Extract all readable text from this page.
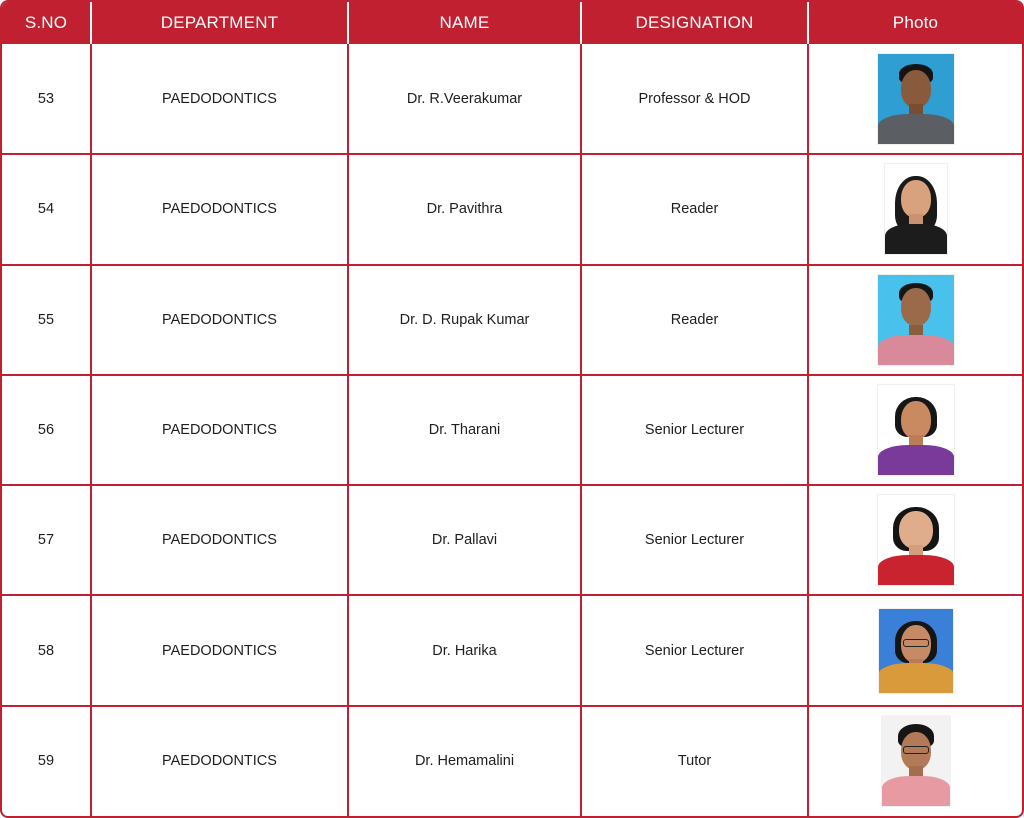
S.NO	DEPARTMENT	NAME	DESIGNATION	Photo
53	PAEDODONTICS	Dr. R.Veerakumar	Professor & HOD	

54	PAEDODONTICS	Dr. Pavithra	Reader	

55	PAEDODONTICS	Dr. D. Rupak Kumar	Reader	

56	PAEDODONTICS	Dr. Tharani	Senior Lecturer	

57	PAEDODONTICS	Dr. Pallavi	Senior Lecturer	

58	PAEDODONTICS	Dr. Harika	Senior Lecturer	

59	PAEDODONTICS	Dr. Hemamalini	Tutor	
